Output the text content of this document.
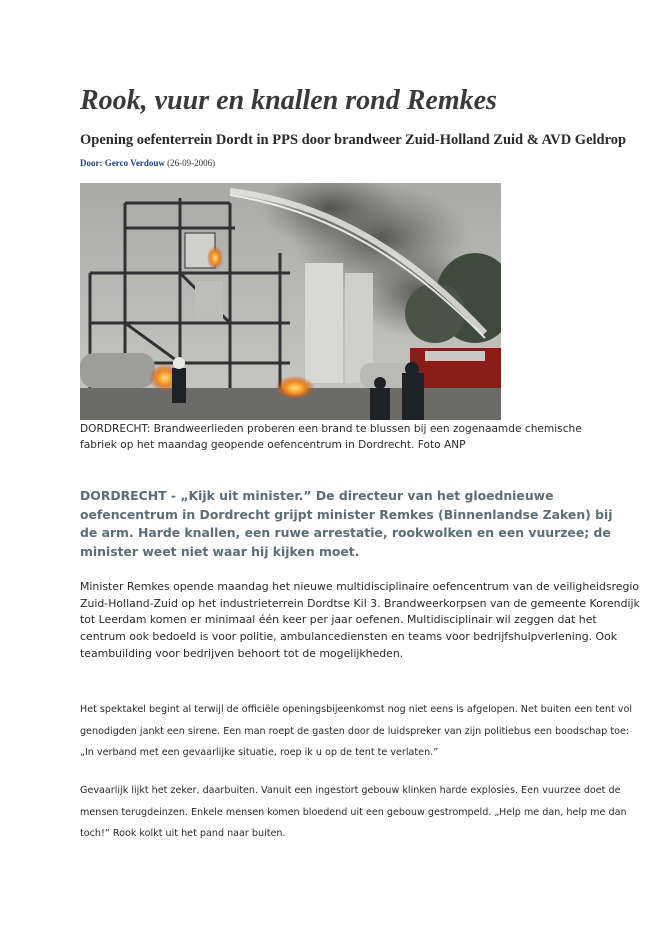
Rook, vuur en knallen rond Remkes
Opening oefenterrein Dordt in PPS door brandweer Zuid-Holland Zuid & AVD Geldrop
Door: Gerco Verdouw (26-09-2006)

DORDRECHT: Brandweerlieden proberen een brand te blussen bij een zogenaamde chemische fabriek op het maandag geopende oefencentrum in Dordrecht. Foto ANP

DORDRECHT - „Kijk uit minister.” De directeur van het gloednieuwe oefencentrum in Dordrecht grijpt minister Remkes (Binnenlandse Zaken) bij de arm. Harde knallen, een ruwe arrestatie, rookwolken en een vuurzee; de minister weet niet waar hij kijken moet.

Minister Remkes opende maandag het nieuwe multidisciplinaire oefencentrum van de veiligheidsregio Zuid-Holland-Zuid op het industrieterrein Dordtse Kil 3. Brandweerkorpsen van de gemeente Korendijk tot Leerdam komen er minimaal één keer per jaar oefenen. Multidisciplinair wil zeggen dat het centrum ook bedoeld is voor politie, ambulancediensten en teams voor bedrijfshulpverlening. Ook teambuilding voor bedrijven behoort tot de mogelijkheden.

Het spektakel begint al terwijl de officiële openingsbijeenkomst nog niet eens is afgelopen. Net buiten een tent vol genodigden jankt een sirene. Een man roept de gasten door de luidspreker van zijn politiebus een boodschap toe: „In verband met een gevaarlijke situatie, roep ik u op de tent te verlaten.”

Gevaarlijk lijkt het zeker, daarbuiten. Vanuit een ingestort gebouw klinken harde explosies. Een vuurzee doet de mensen terugdeinzen. Enkele mensen komen bloedend uit een gebouw gestrompeld. „Help me dan, help me dan toch!” Rook kolkt uit het pand naar buiten.
